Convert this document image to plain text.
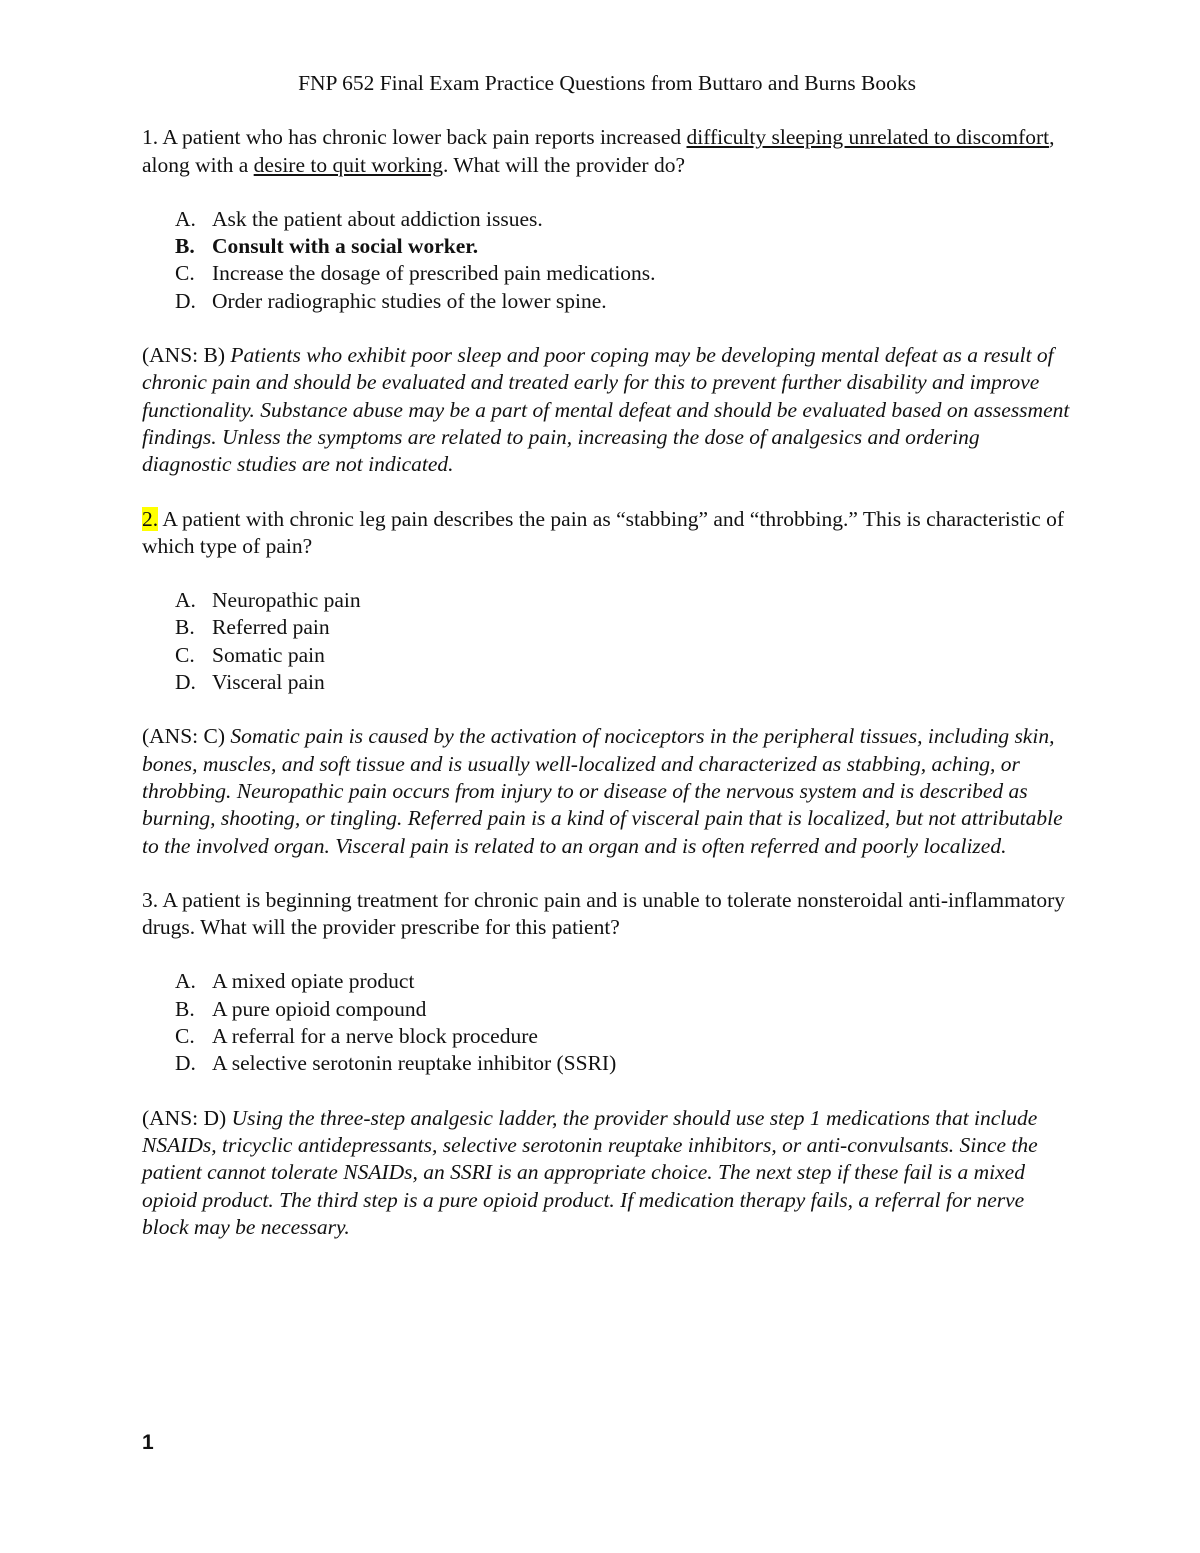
FNP 652 Final Exam Practice Questions from Buttaro and Burns Books

1. A patient who has chronic lower back pain reports increased difficulty sleeping unrelated to discomfort, along with a desire to quit working. What will the provider do?

A. Ask the patient about addiction issues.
B. Consult with a social worker.
C. Increase the dosage of prescribed pain medications.
D. Order radiographic studies of the lower spine.

(ANS: B) Patients who exhibit poor sleep and poor coping may be developing mental defeat as a result of chronic pain and should be evaluated and treated early for this to prevent further disability and improve functionality. Substance abuse may be a part of mental defeat and should be evaluated based on assessment findings. Unless the symptoms are related to pain, increasing the dose of analgesics and ordering diagnostic studies are not indicated.

2. A patient with chronic leg pain describes the pain as “stabbing” and “throbbing.” This is characteristic of which type of pain?

A. Neuropathic pain
B. Referred pain
C. Somatic pain
D. Visceral pain

(ANS: C) Somatic pain is caused by the activation of nociceptors in the peripheral tissues, including skin, bones, muscles, and soft tissue and is usually well-localized and characterized as stabbing, aching, or throbbing. Neuropathic pain occurs from injury to or disease of the nervous system and is described as burning, shooting, or tingling. Referred pain is a kind of visceral pain that is localized, but not attributable to the involved organ. Visceral pain is related to an organ and is often referred and poorly localized.

3. A patient is beginning treatment for chronic pain and is unable to tolerate nonsteroidal anti-inflammatory drugs. What will the provider prescribe for this patient?

A. A mixed opiate product
B. A pure opioid compound
C. A referral for a nerve block procedure
D. A selective serotonin reuptake inhibitor (SSRI)

(ANS: D) Using the three-step analgesic ladder, the provider should use step 1 medications that include NSAIDs, tricyclic antidepressants, selective serotonin reuptake inhibitors, or anti-convulsants. Since the patient cannot tolerate NSAIDs, an SSRI is an appropriate choice. The next step if these fail is a mixed opioid product. The third step is a pure opioid product. If medication therapy fails, a referral for nerve block may be necessary.

1
